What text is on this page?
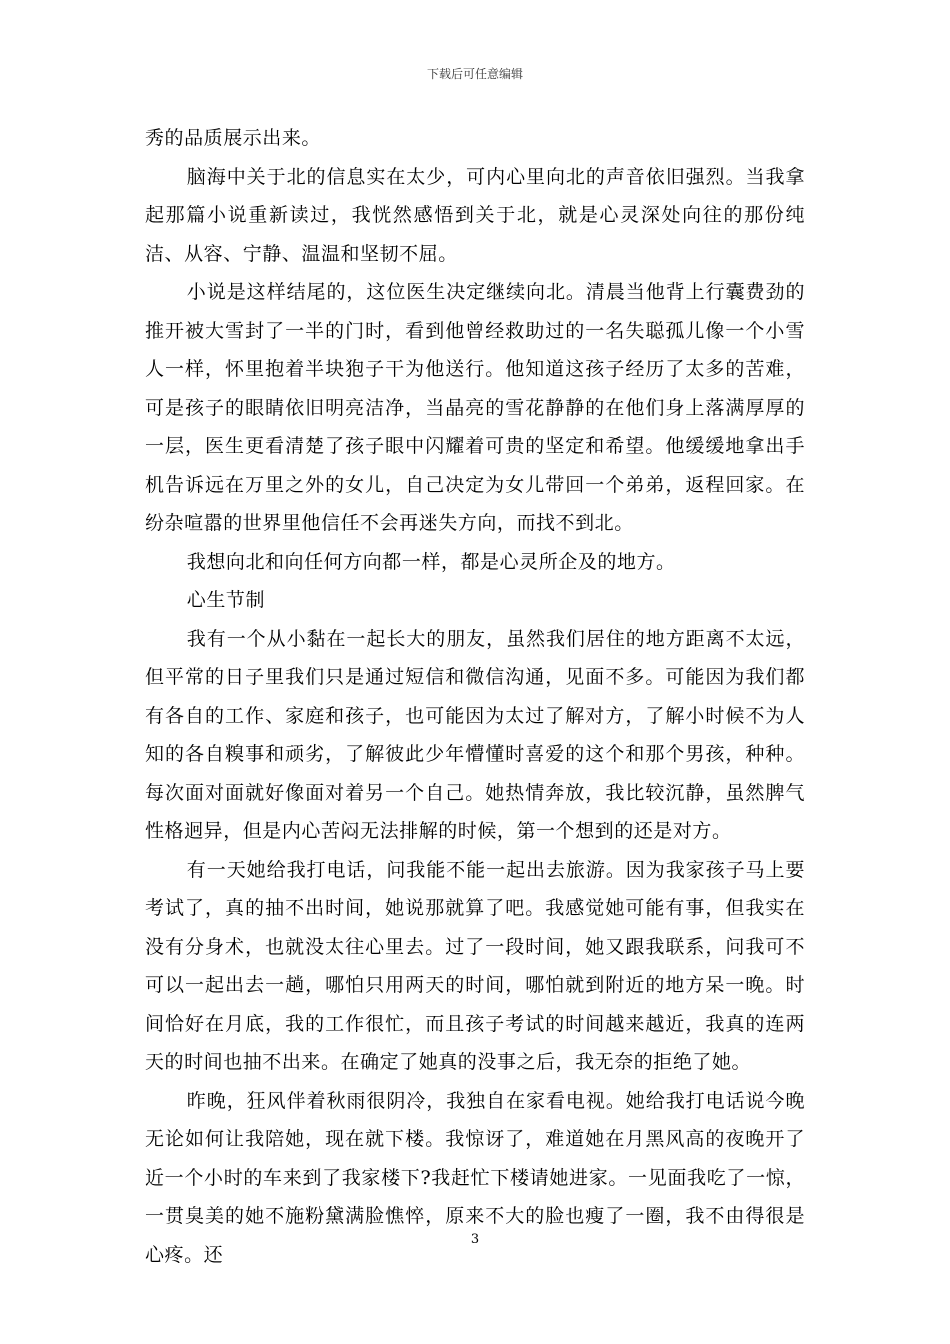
下载后可任意编辑

秀的品质展示出来。

脑海中关于北的信息实在太少，可内心里向北的声音依旧强烈。当我拿起那篇小说重新读过，我恍然感悟到关于北，就是心灵深处向往的那份纯洁、从容、宁静、温温和坚韧不屈。

小说是这样结尾的，这位医生决定继续向北。清晨当他背上行囊费劲的推开被大雪封了一半的门时，看到他曾经救助过的一名失聪孤儿像一个小雪人一样，怀里抱着半块狍子干为他送行。他知道这孩子经历了太多的苦难，可是孩子的眼睛依旧明亮洁净，当晶亮的雪花静静的在他们身上落满厚厚的一层，医生更看清楚了孩子眼中闪耀着可贵的坚定和希望。他缓缓地拿出手机告诉远在万里之外的女儿，自己决定为女儿带回一个弟弟，返程回家。在纷杂喧嚣的世界里他信任不会再迷失方向，而找不到北。

我想向北和向任何方向都一样，都是心灵所企及的地方。

心生节制

我有一个从小黏在一起长大的朋友，虽然我们居住的地方距离不太远，但平常的日子里我们只是通过短信和微信沟通，见面不多。可能因为我们都有各自的工作、家庭和孩子，也可能因为太过了解对方，了解小时候不为人知的各自糗事和顽劣，了解彼此少年懵懂时喜爱的这个和那个男孩，种种。每次面对面就好像面对着另一个自己。她热情奔放，我比较沉静，虽然脾气性格迥异，但是内心苦闷无法排解的时候，第一个想到的还是对方。

有一天她给我打电话，问我能不能一起出去旅游。因为我家孩子马上要考试了，真的抽不出时间，她说那就算了吧。我感觉她可能有事，但我实在没有分身术，也就没太往心里去。过了一段时间，她又跟我联系，问我可不可以一起出去一趟，哪怕只用两天的时间，哪怕就到附近的地方呆一晚。时间恰好在月底，我的工作很忙，而且孩子考试的时间越来越近，我真的连两天的时间也抽不出来。在确定了她真的没事之后，我无奈的拒绝了她。

昨晚，狂风伴着秋雨很阴冷，我独自在家看电视。她给我打电话说今晚无论如何让我陪她，现在就下楼。我惊讶了，难道她在月黑风高的夜晚开了近一个小时的车来到了我家楼下?我赶忙下楼请她进家。一见面我吃了一惊，一贯臭美的她不施粉黛满脸憔悴，原来不大的脸也瘦了一圈，我不由得很是心疼。还

3
